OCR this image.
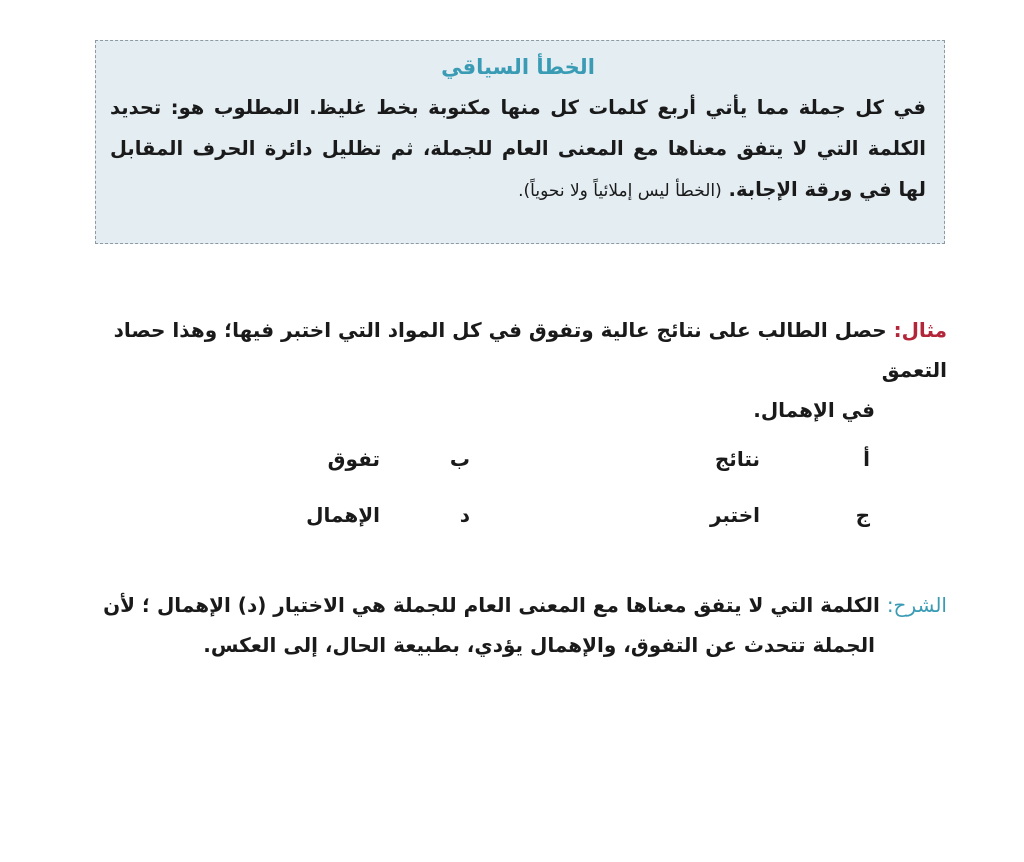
الخطأ السياقي
في كل جملة مما يأتي أربع كلمات كل منها مكتوبة بخط غليظ. المطلوب هو: تحديد الكلمة التي لا يتفق معناها مع المعنى العام للجملة، ثم تظليل دائرة الحرف المقابل لها في ورقة الإجابة. (الخطأ ليس إملائياً ولا نحوياً).
مثال: حصل الطالب على نتائج عالية وتفوق في كل المواد التي اختبر فيها؛ وهذا حصاد التعمق
في الإهمال.
أ
نتائج
ب
تفوق
ج
اختبر
د
الإهمال
الشرح: الكلمة التي لا يتفق معناها مع المعنى العام للجملة هي الاختيار (د) الإهمال ؛ لأن
الجملة تتحدث عن التفوق، والإهمال يؤدي، بطبيعة الحال، إلى العكس.
